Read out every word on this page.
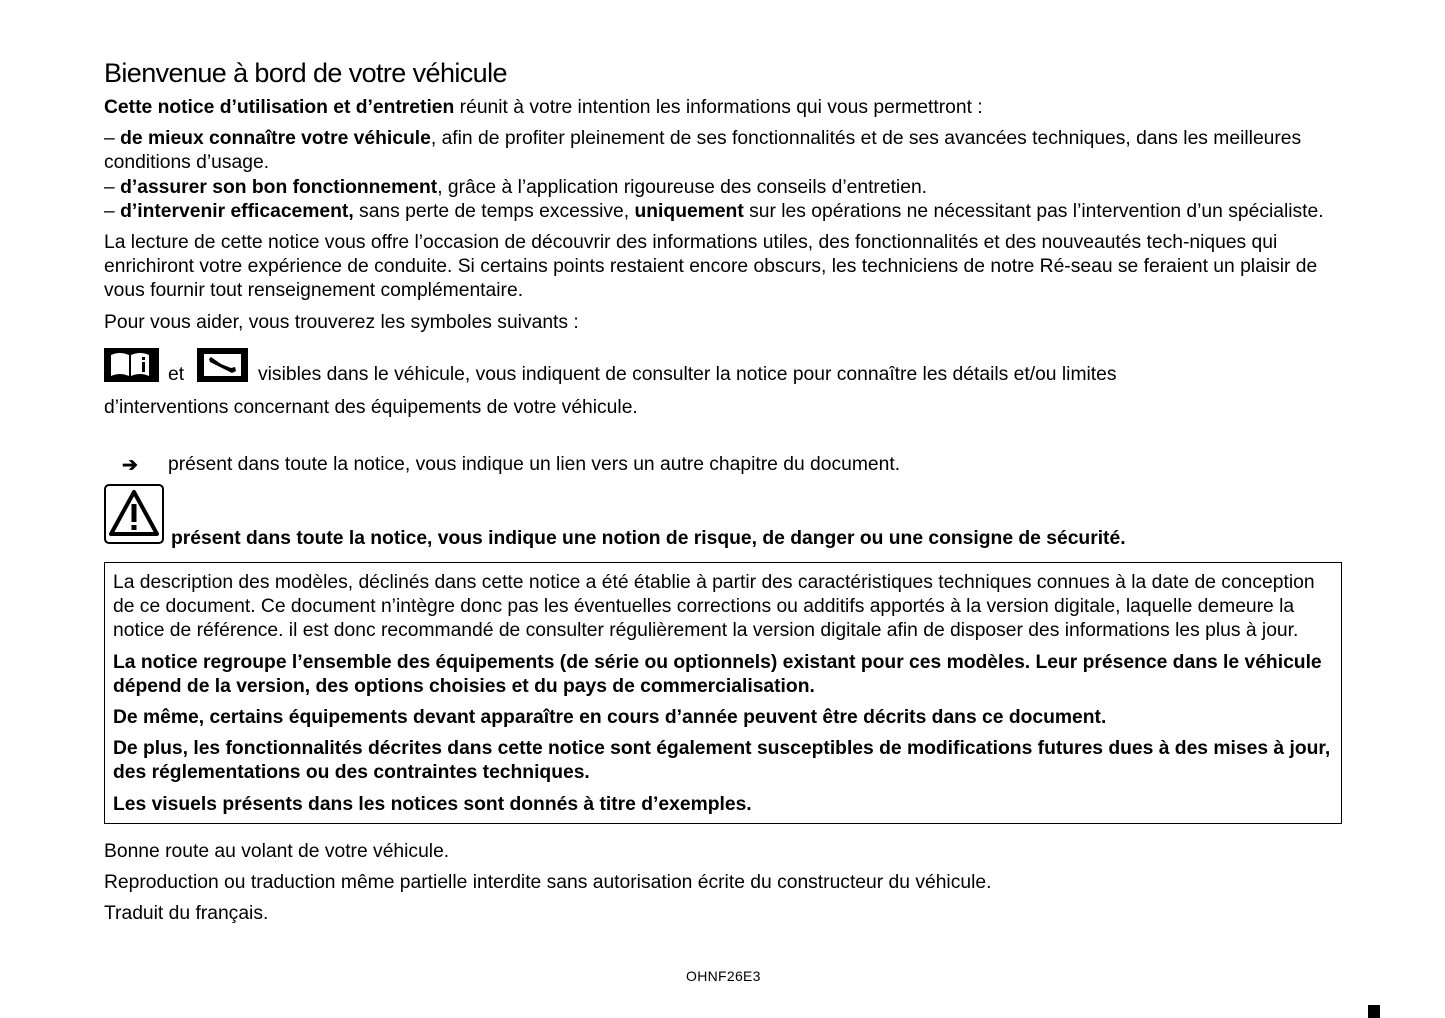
Bienvenue à bord de votre véhicule

Cette notice d’utilisation et d’entretien réunit à votre intention les informations qui vous permettront :

– de mieux connaître votre véhicule, afin de profiter pleinement de ses fonctionnalités et de ses avancées techniques, dans les meilleures conditions d’usage.

– d’assurer son bon fonctionnement, grâce à l’application rigoureuse des conseils d’entretien.

– d’intervenir efficacement, sans perte de temps excessive, uniquement sur les opérations ne nécessitant pas l’intervention d’un spécialiste.

La lecture de cette notice vous offre l’occasion de découvrir des informations utiles, des fonctionnalités et des nouveautés tech-niques qui enrichiront votre expérience de conduite. Si certains points restaient encore obscurs, les techniciens de notre Ré-seau se feraient un plaisir de vous fournir tout renseignement complémentaire.

Pour vous aider, vous trouverez les symboles suivants :

et	visibles dans le véhicule, vous indiquent de consulter la notice pour connaître les détails et/ou limites

d’interventions concernant des équipements de votre véhicule.

➔ présent dans toute la notice, vous indique un lien vers un autre chapitre du document.
présent dans toute la notice, vous indique une notion de risque, de danger ou une consigne de sécurité.

La description des modèles, déclinés dans cette notice a été établie à partir des caractéristiques techniques connues à la date de conception de ce document. Ce document n’intègre donc pas les éventuelles corrections ou additifs apportés à la version digitale, laquelle demeure la notice de référence. il est donc recommandé de consulter régulièrement la version digitale afin de disposer des informations les plus à jour.

La notice regroupe l’ensemble des équipements (de série ou optionnels) existant pour ces modèles. Leur présence dans le véhicule dépend de la version, des options choisies et du pays de commercialisation.

De même, certains équipements devant apparaître en cours d’année peuvent être décrits dans ce document.

De plus, les fonctionnalités décrites dans cette notice sont également susceptibles de modifications futures dues à des mises à jour, des réglementations ou des contraintes techniques.

Les visuels présents dans les notices sont donnés à titre d’exemples.

Bonne route au volant de votre véhicule.

Reproduction ou traduction même partielle interdite sans autorisation écrite du constructeur du véhicule.

Traduit du français.

OHNF26E3
